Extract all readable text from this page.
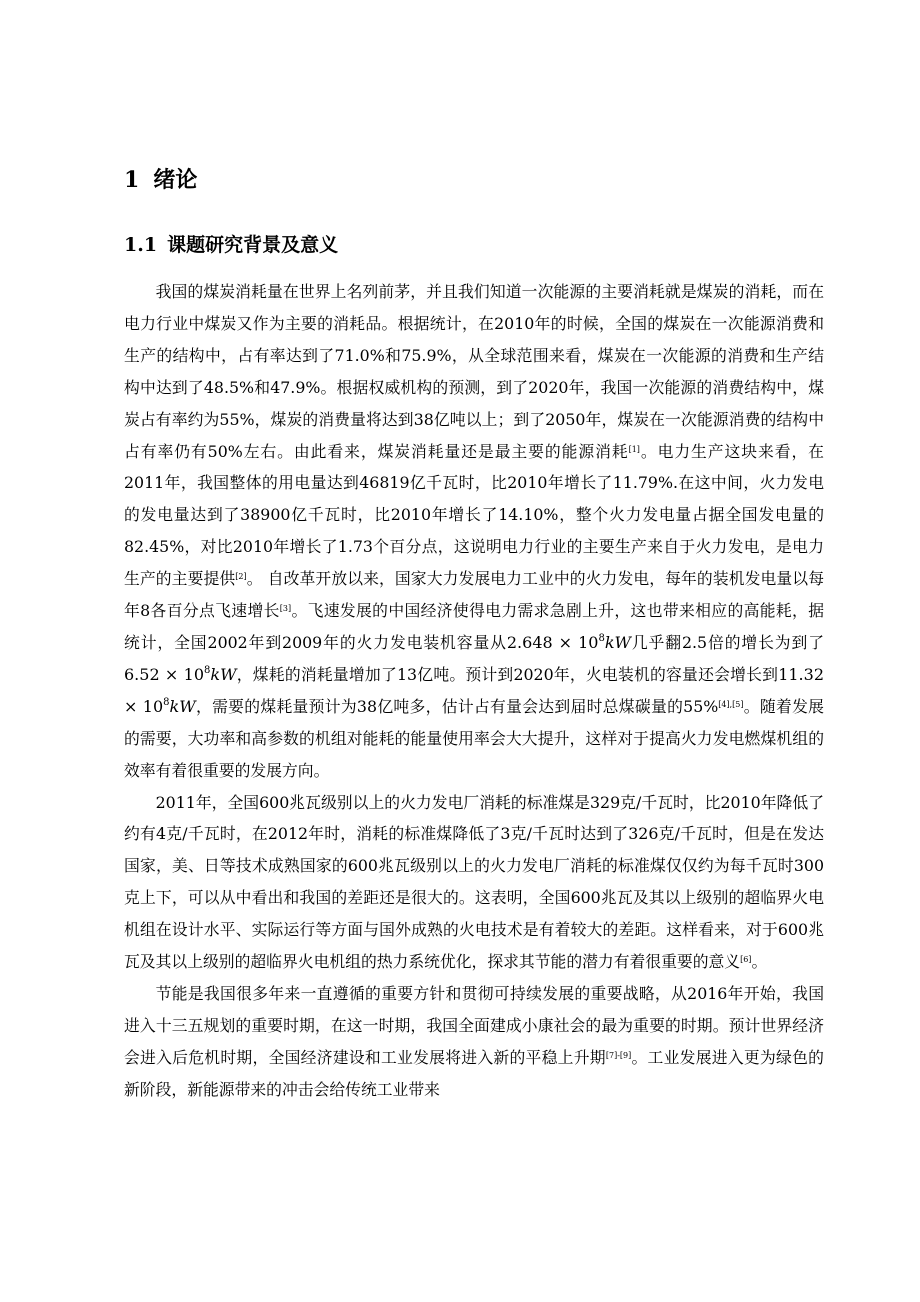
1 绪论
1.1 课题研究背景及意义

我国的煤炭消耗量在世界上名列前茅，并且我们知道一次能源的主要消耗就是煤炭的消耗，而在电力行业中煤炭又作为主要的消耗品。根据统计，在2010年的时候，全国的煤炭在一次能源消费和生产的结构中，占有率达到了71.0%和75.9%，从全球范围来看，煤炭在一次能源的消费和生产结构中达到了48.5%和47.9%。根据权威机构的预测，到了2020年，我国一次能源的消费结构中，煤炭占有率约为55%，煤炭的消费量将达到38亿吨以上；到了2050年，煤炭在一次能源消费的结构中占有率仍有50%左右。由此看来，煤炭消耗量还是最主要的能源消耗[1]。电力生产这块来看，在2011年，我国整体的用电量达到46819亿千瓦时，比2010年增长了11.79%.在这中间，火力发电的发电量达到了38900亿千瓦时，比2010年增长了14.10%，整个火力发电量占据全国发电量的82.45%，对比2010年增长了1.73个百分点，这说明电力行业的主要生产来自于火力发电，是电力生产的主要提供[2]。 自改革开放以来，国家大力发展电力工业中的火力发电，每年的装机发电量以每年8各百分点飞速增长[3]。飞速发展的中国经济使得电力需求急剧上升，这也带来相应的高能耗，据统计，全国2002年到2009年的火力发电装机容量从$2.648 \times 10^8kW$几乎翻2.5倍的增长为到了$6.52 \times 10^8kW$，煤耗的消耗量增加了13亿吨。预计到2020年，火电装机的容量还会增长到$11.32 \times 10^8kW$，需要的煤耗量预计为38亿吨多，估计占有量会达到届时总煤碳量的55%[4],[5]。随着发展的需要，大功率和高参数的机组对能耗的能量使用率会大大提升，这样对于提高火力发电燃煤机组的效率有着很重要的发展方向。

2011年，全国600兆瓦级别以上的火力发电厂消耗的标准煤是329克/千瓦时，比2010年降低了约有4克/千瓦时，在2012年时，消耗的标准煤降低了3克/千瓦时达到了326克/千瓦时，但是在发达国家，美、日等技术成熟国家的600兆瓦级别以上的火力发电厂消耗的标准煤仅仅约为每千瓦时300克上下，可以从中看出和我国的差距还是很大的。这表明，全国600兆瓦及其以上级别的超临界火电机组在设计水平、实际运行等方面与国外成熟的火电技术是有着较大的差距。这样看来，对于600兆瓦及其以上级别的超临界火电机组的热力系统优化，探求其节能的潜力有着很重要的意义[6]。

节能是我国很多年来一直遵循的重要方针和贯彻可持续发展的重要战略，从2016年开始，我国进入十三五规划的重要时期，在这一时期，我国全面建成小康社会的最为重要的时期。预计世界经济会进入后危机时期，全国经济建设和工业发展将进入新的平稳上升期[7]-[9]。工业发展进入更为绿色的新阶段，新能源带来的冲击会给传统工业带来
